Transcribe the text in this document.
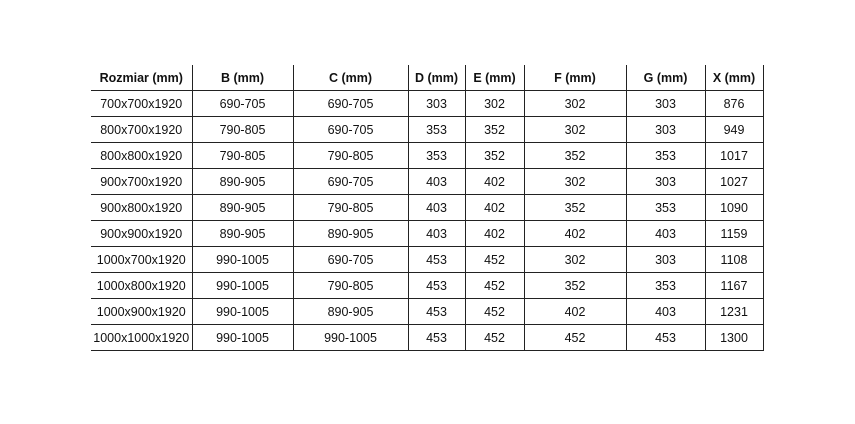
Rozmiar (mm)	B (mm)	C (mm)	D (mm)	E (mm)	F (mm)	G (mm)	X (mm)
700x700x1920	690-705	690-705	303	302	302	303	876
800x700x1920	790-805	690-705	353	352	302	303	949
800x800x1920	790-805	790-805	353	352	352	353	1017
900x700x1920	890-905	690-705	403	402	302	303	1027
900x800x1920	890-905	790-805	403	402	352	353	1090
900x900x1920	890-905	890-905	403	402	402	403	1159
1000x700x1920	990-1005	690-705	453	452	302	303	1108
1000x800x1920	990-1005	790-805	453	452	352	353	1167
1000x900x1920	990-1005	890-905	453	452	402	403	1231
1000x1000x1920	990-1005	990-1005	453	452	452	453	1300
